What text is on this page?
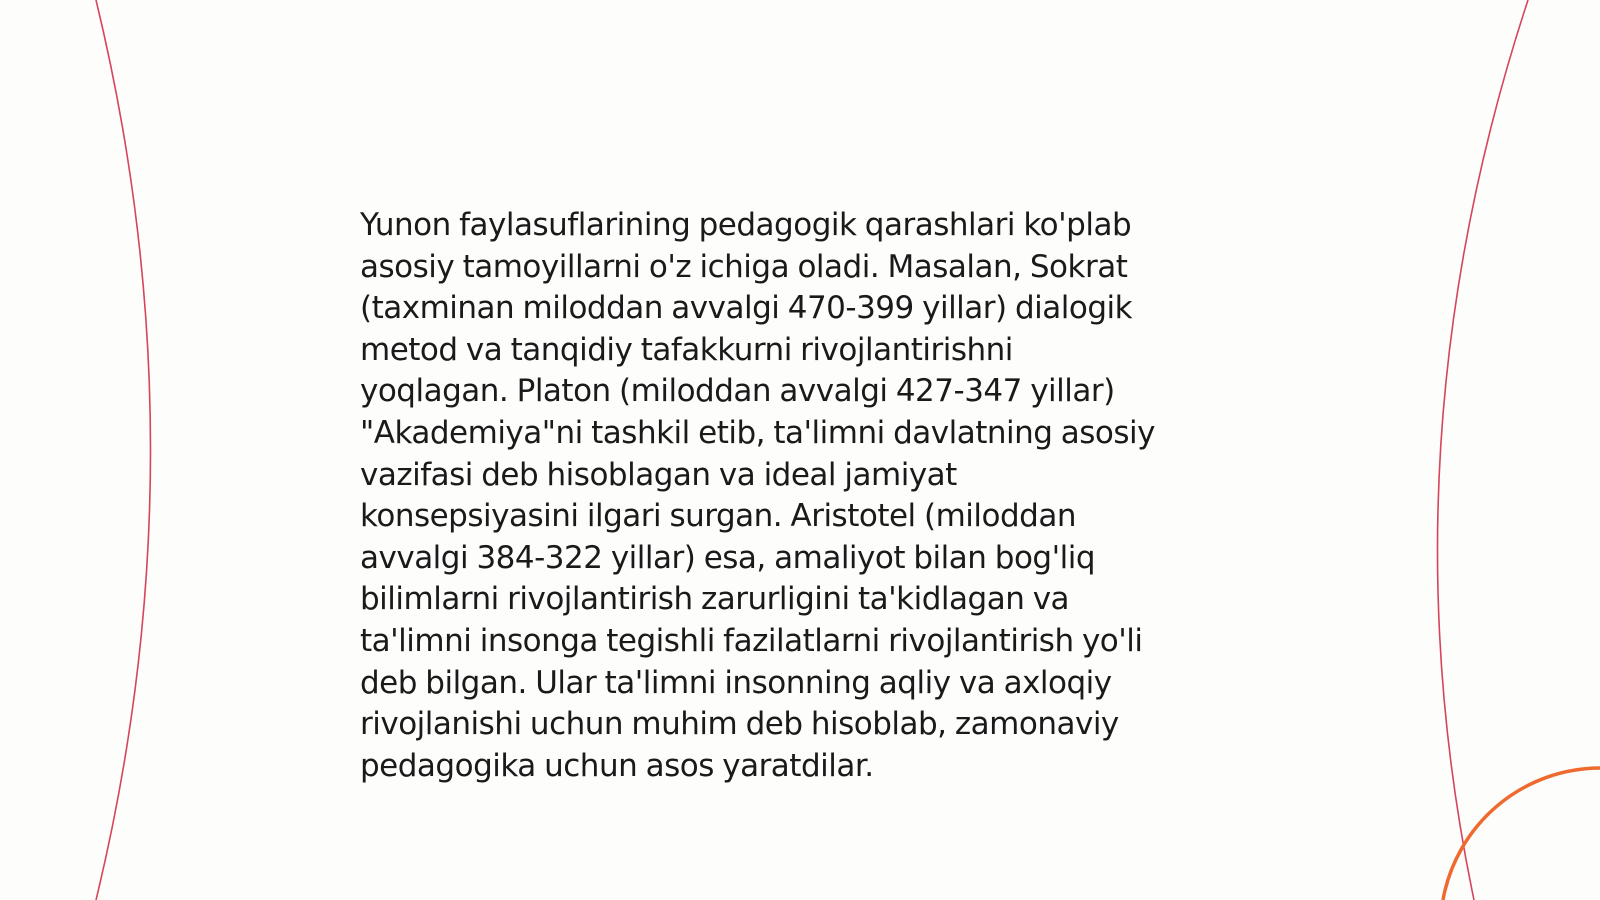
Yunon faylasuflarining pedagogik qarashlari ko'plab
asosiy tamoyillarni o'z ichiga oladi. Masalan, Sokrat
(taxminan miloddan avvalgi 470-399 yillar) dialogik
metod va tanqidiy tafakkurni rivojlantirishni
yoqlagan. Platon (miloddan avvalgi 427-347 yillar)
"Akademiya"ni tashkil etib, ta'limni davlatning asosiy
vazifasi deb hisoblagan va ideal jamiyat
konsepsiyasini ilgari surgan. Aristotel (miloddan
avvalgi 384-322 yillar) esa, amaliyot bilan bog'liq
bilimlarni rivojlantirish zarurligini ta'kidlagan va
ta'limni insonga tegishli fazilatlarni rivojlantirish yo'li
deb bilgan. Ular ta'limni insonning aqliy va axloqiy
rivojlanishi uchun muhim deb hisoblab, zamonaviy
pedagogika uchun asos yaratdilar.
